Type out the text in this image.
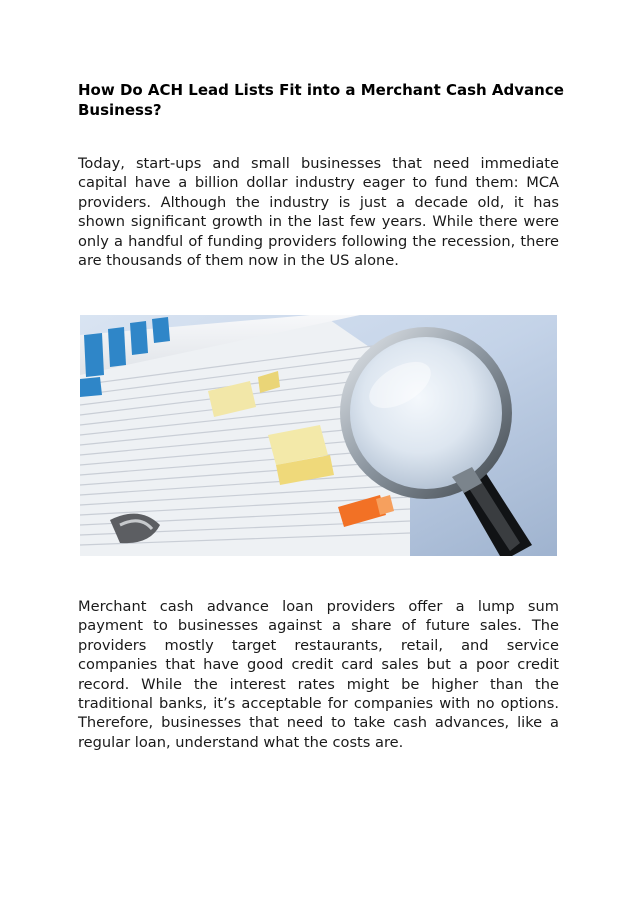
How Do ACH Lead Lists Fit into a Merchant Cash Advance Business?

Today, start-ups and small businesses that need immediate capital have a billion dollar industry eager to fund them: MCA providers. Although the industry is just a decade old, it has shown significant growth in the last few years. While there were only a handful of funding providers following the recession, there are thousands of them now in the US alone.

Merchant cash advance loan providers offer a lump sum payment to businesses against a share of future sales. The providers mostly target restaurants, retail, and service companies that have good credit card sales but a poor credit record. While the interest rates might be higher than the traditional banks, it’s acceptable for companies with no options. Therefore, businesses that need to take cash advances, like a regular loan, understand what the costs are.
